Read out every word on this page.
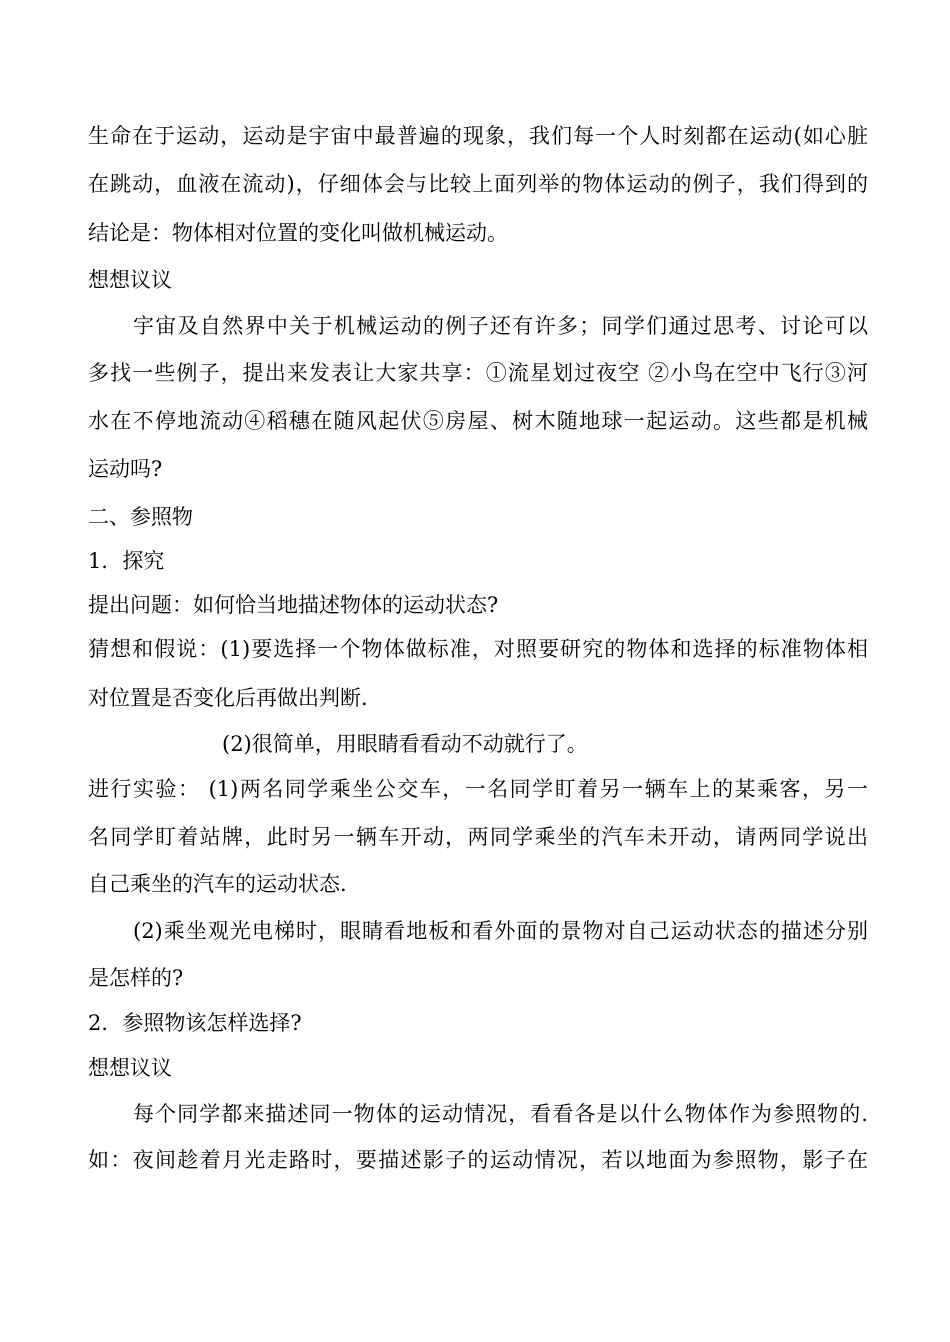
生命在于运动，运动是宇宙中最普遍的现象，我们每一个人时刻都在运动(如心脏
在跳动，血液在流动)，仔细体会与比较上面列举的物体运动的例子，我们得到的
结论是：物体相对位置的变化叫做机械运动。
想想议议
宇宙及自然界中关于机械运动的例子还有许多；同学们通过思考、讨论可以
多找一些例子，提出来发表让大家共享：①流星划过夜空 ②小鸟在空中飞行③河
水在不停地流动④稻穗在随风起伏⑤房屋、树木随地球一起运动。这些都是机械
运动吗?
二、参照物
1．探究
提出问题：如何恰当地描述物体的运动状态?
猜想和假说：(1)要选择一个物体做标准，对照要研究的物体和选择的标准物体相
对位置是否变化后再做出判断.
(2)很简单，用眼睛看看动不动就行了。
进行实验： (1)两名同学乘坐公交车，一名同学盯着另一辆车上的某乘客，另一
名同学盯着站牌，此时另一辆车开动，两同学乘坐的汽车未开动，请两同学说出
自己乘坐的汽车的运动状态.
(2)乘坐观光电梯时，眼睛看地板和看外面的景物对自己运动状态的描述分别
是怎样的?
2．参照物该怎样选择?
想想议议
每个同学都来描述同一物体的运动情况，看看各是以什么物体作为参照物的.
如：夜间趁着月光走路时，要描述影子的运动情况，若以地面为参照物，影子在
